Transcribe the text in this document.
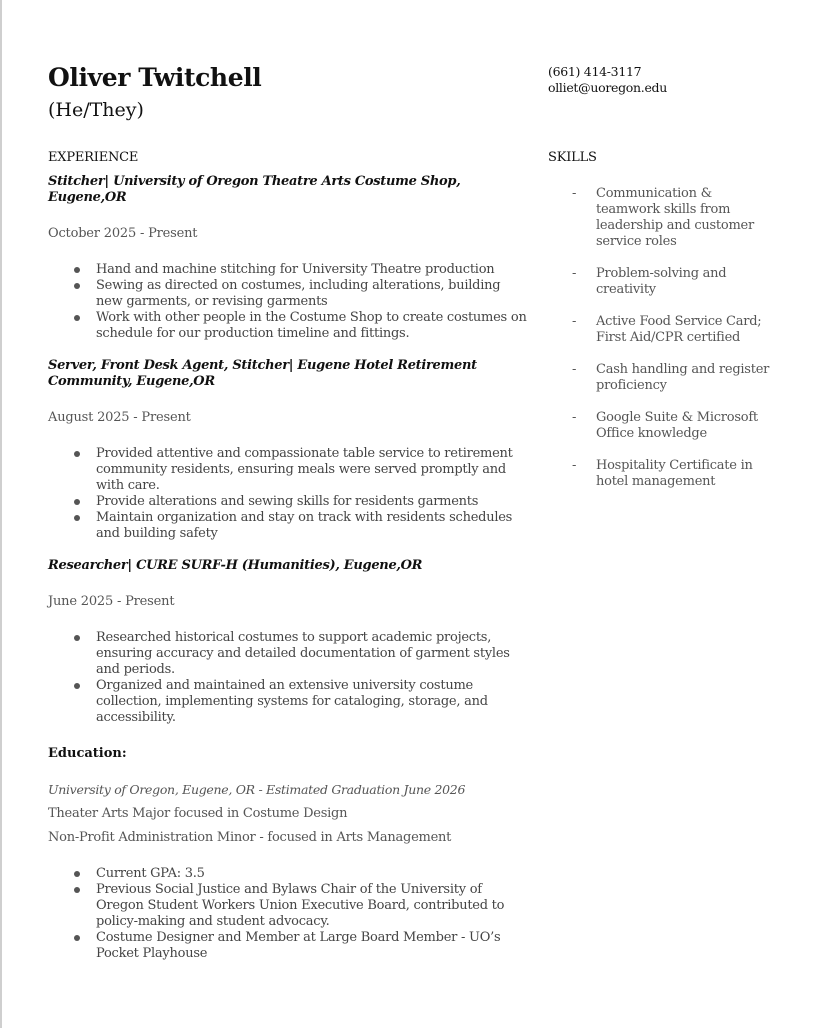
Oliver Twitchell
(He/They)
EXPERIENCE
Stitcher| University of Oregon Theatre Arts Costume Shop, Eugene,OR
October 2025 - Present
Hand and machine stitching for University Theatre production
Sewing as directed on costumes, including alterations, building new garments, or revising garments
Work with other people in the Costume Shop to create costumes on schedule for our production timeline and fittings.
Server, Front Desk Agent, Stitcher| Eugene Hotel Retirement Community, Eugene,OR
August 2025 - Present
Provided attentive and compassionate table service to retirement community residents, ensuring meals were served promptly and with care.
Provide alterations and sewing skills for residents garments
Maintain organization and stay on track with residents schedules and building safety
Researcher| CURE SURF-H (Humanities), Eugene,OR
June 2025 - Present
Researched historical costumes to support academic projects, ensuring accuracy and detailed documentation of garment styles and periods.
Organized and maintained an extensive university costume collection, implementing systems for cataloging, storage, and accessibility.
Education:
University of Oregon, Eugene, OR - Estimated Graduation June 2026
Theater Arts Major focused in Costume Design
Non-Profit Administration Minor - focused in Arts Management
Current GPA: 3.5
Previous Social Justice and Bylaws Chair of the University of Oregon Student Workers Union Executive Board, contributed to policy-making and student advocacy.
Costume Designer and Member at Large Board Member - UO’s Pocket Playhouse
(661) 414-3117
olliet@uoregon.edu
SKILLS
- Communication & teamwork skills from leadership and customer service roles
- Problem-solving and creativity
- Active Food Service Card; First Aid/CPR certified
- Cash handling and register proficiency
- Google Suite & Microsoft Office knowledge
- Hospitality Certificate in hotel management
